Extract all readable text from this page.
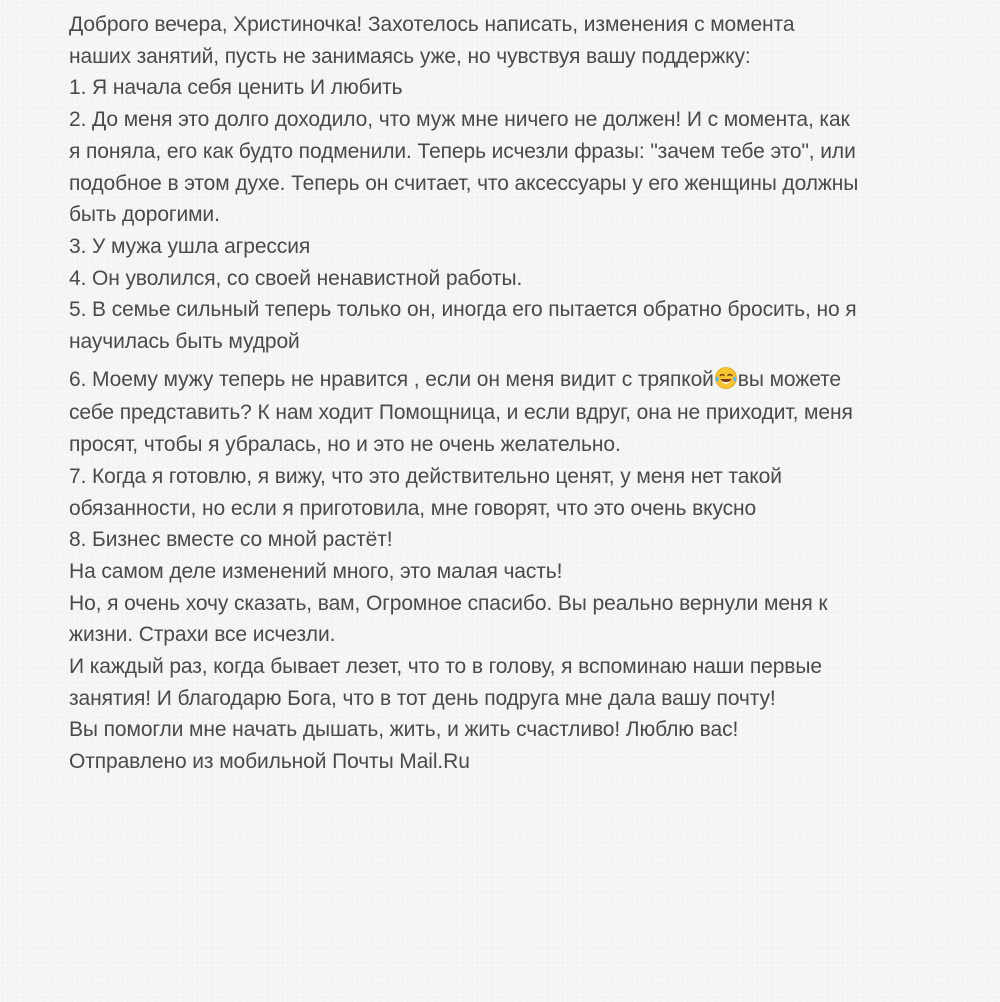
Доброго вечера, Христиночка! Захотелось написать, изменения с момента
наших занятий, пусть не занимаясь уже, но чувствуя вашу поддержку:
1. Я начала себя ценить И любить
2. До меня это долго доходило, что муж мне ничего не должен! И с момента, как
я поняла, его как будто подменили. Теперь исчезли фразы: "зачем тебе это", или
подобное в этом духе. Теперь он считает, что аксессуары у его женщины должны
быть дорогими.
3. У мужа ушла агрессия
4. Он уволился, со своей ненавистной работы.
5. В семье сильный теперь только он, иногда его пытается обратно бросить, но я
научилась быть мудрой
6. Моему мужу теперь не нравится , если он меня видит с тряпкой вы можете
себе представить? К нам ходит Помощница, и если вдруг, она не приходит, меня
просят, чтобы я убралась, но и это не очень желательно.
7. Когда я готовлю, я вижу, что это действительно ценят, у меня нет такой
обязанности, но если я приготовила, мне говорят, что это очень вкусно
8. Бизнес вместе со мной растёт!
На самом деле изменений много, это малая часть!
Но, я очень хочу сказать, вам, Огромное спасибо. Вы реально вернули меня к
жизни. Страхи все исчезли.
И каждый раз, когда бывает лезет, что то в голову, я вспоминаю наши первые
занятия! И благодарю Бога, что в тот день подруга мне дала вашу почту!
Вы помогли мне начать дышать, жить, и жить счастливо! Люблю вас!
Отправлено из мобильной Почты Mail.Ru
